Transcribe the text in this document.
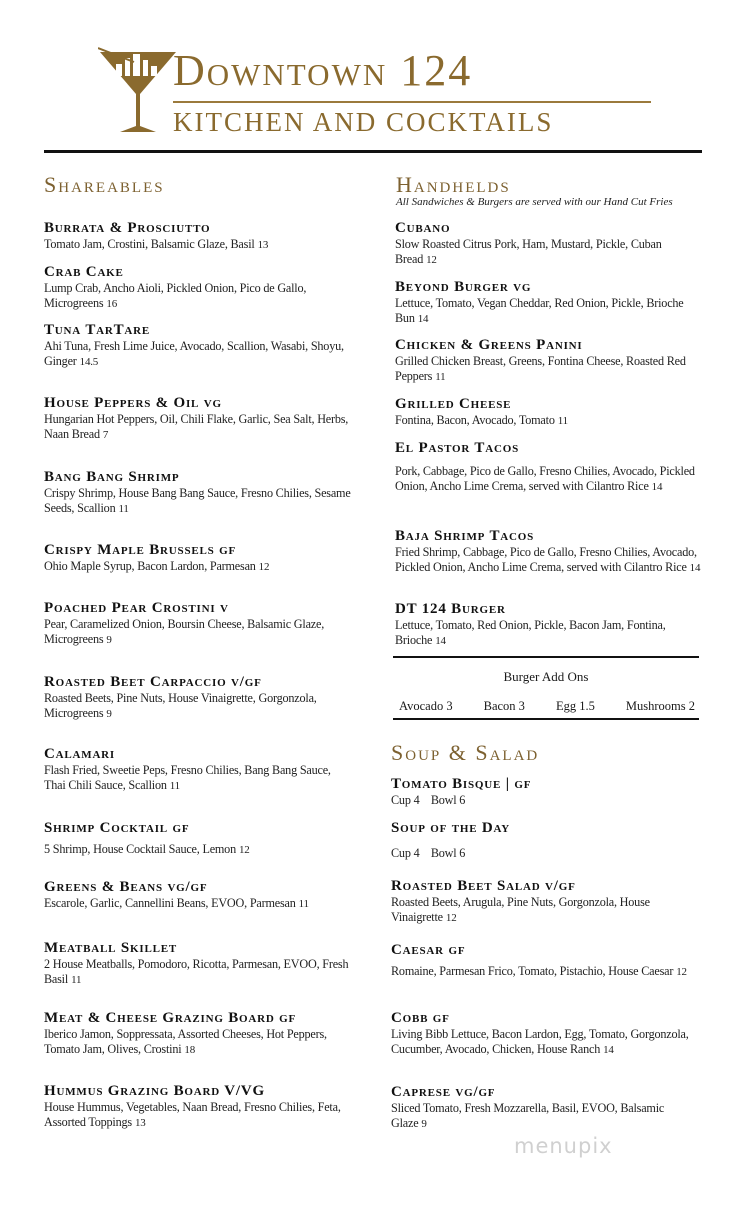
Downtown 124
KITCHEN AND COCKTAILS
Shareables
Burrata & Prosciutto
Tomato Jam, Crostini, Balsamic Glaze, Basil 13
Crab Cake
Lump Crab, Ancho Aioli, Pickled Onion, Pico de Gallo, Microgreens 16
Tuna TarTare
Ahi Tuna, Fresh Lime Juice, Avocado, Scallion, Wasabi, Shoyu, Ginger 14.5
House Peppers & Oil vg
Hungarian Hot Peppers, Oil, Chili Flake, Garlic, Sea Salt, Herbs, Naan Bread 7
Bang Bang Shrimp
Crispy Shrimp, House Bang Bang Sauce, Fresno Chilies, Sesame Seeds, Scallion 11
Crispy Maple Brussels gf
Ohio Maple Syrup, Bacon Lardon, Parmesan 12
Poached Pear Crostini v
Pear, Caramelized Onion, Boursin Cheese, Balsamic Glaze, Microgreens 9
Roasted Beet Carpaccio v/gf
Roasted Beets, Pine Nuts, House Vinaigrette, Gorgonzola, Microgreens 9
Calamari
Flash Fried, Sweetie Peps, Fresno Chilies, Bang Bang Sauce, Thai Chili Sauce, Scallion 11
Shrimp Cocktail gf
5 Shrimp, House Cocktail Sauce, Lemon 12
Greens & Beans vg/gf
Escarole, Garlic, Cannellini Beans, EVOO, Parmesan 11
Meatball Skillet
2 House Meatballs, Pomodoro, Ricotta, Parmesan, EVOO, Fresh Basil 11
Meat & Cheese Grazing Board gf
Iberico Jamon, Soppressata, Assorted Cheeses, Hot Peppers, Tomato Jam, Olives, Crostini 18
Hummus Grazing Board V/VG
House Hummus, Vegetables, Naan Bread, Fresno Chilies, Feta, Assorted Toppings 13
Handhelds
All Sandwiches & Burgers are served with our Hand Cut Fries
Cubano
Slow Roasted Citrus Pork, Ham, Mustard, Pickle, Cuban Bread 12
Beyond Burger vg
Lettuce, Tomato, Vegan Cheddar, Red Onion, Pickle, Brioche Bun 14
Chicken & Greens Panini
Grilled Chicken Breast, Greens, Fontina Cheese, Roasted Red Peppers 11
Grilled Cheese
Fontina, Bacon, Avocado, Tomato 11
El Pastor Tacos
Pork, Cabbage, Pico de Gallo, Fresno Chilies, Avocado, Pickled Onion, Ancho Lime Crema, served with Cilantro Rice 14
Baja Shrimp Tacos
Fried Shrimp, Cabbage, Pico de Gallo, Fresno Chilies, Avocado, Pickled Onion, Ancho Lime Crema, served with Cilantro Rice 14
DT 124 Burger
Lettuce, Tomato, Red Onion, Pickle, Bacon Jam, Fontina, Brioche 14
Burger Add Ons
Avocado 3 Bacon 3 Egg 1.5 Mushrooms 2
Soup & Salad
Tomato Bisque | gf
Cup 4    Bowl 6
Soup of the Day
Cup 4    Bowl 6
Roasted Beet Salad v/gf
Roasted Beets, Arugula, Pine Nuts, Gorgonzola, House Vinaigrette 12
Caesar gf
Romaine, Parmesan Frico, Tomato, Pistachio, House Caesar 12
Cobb gf
Living Bibb Lettuce, Bacon Lardon, Egg, Tomato, Gorgonzola, Cucumber, Avocado, Chicken, House Ranch 14
Caprese vg/gf
Sliced Tomato, Fresh Mozzarella, Basil, EVOO, Balsamic Glaze 9
menupix
